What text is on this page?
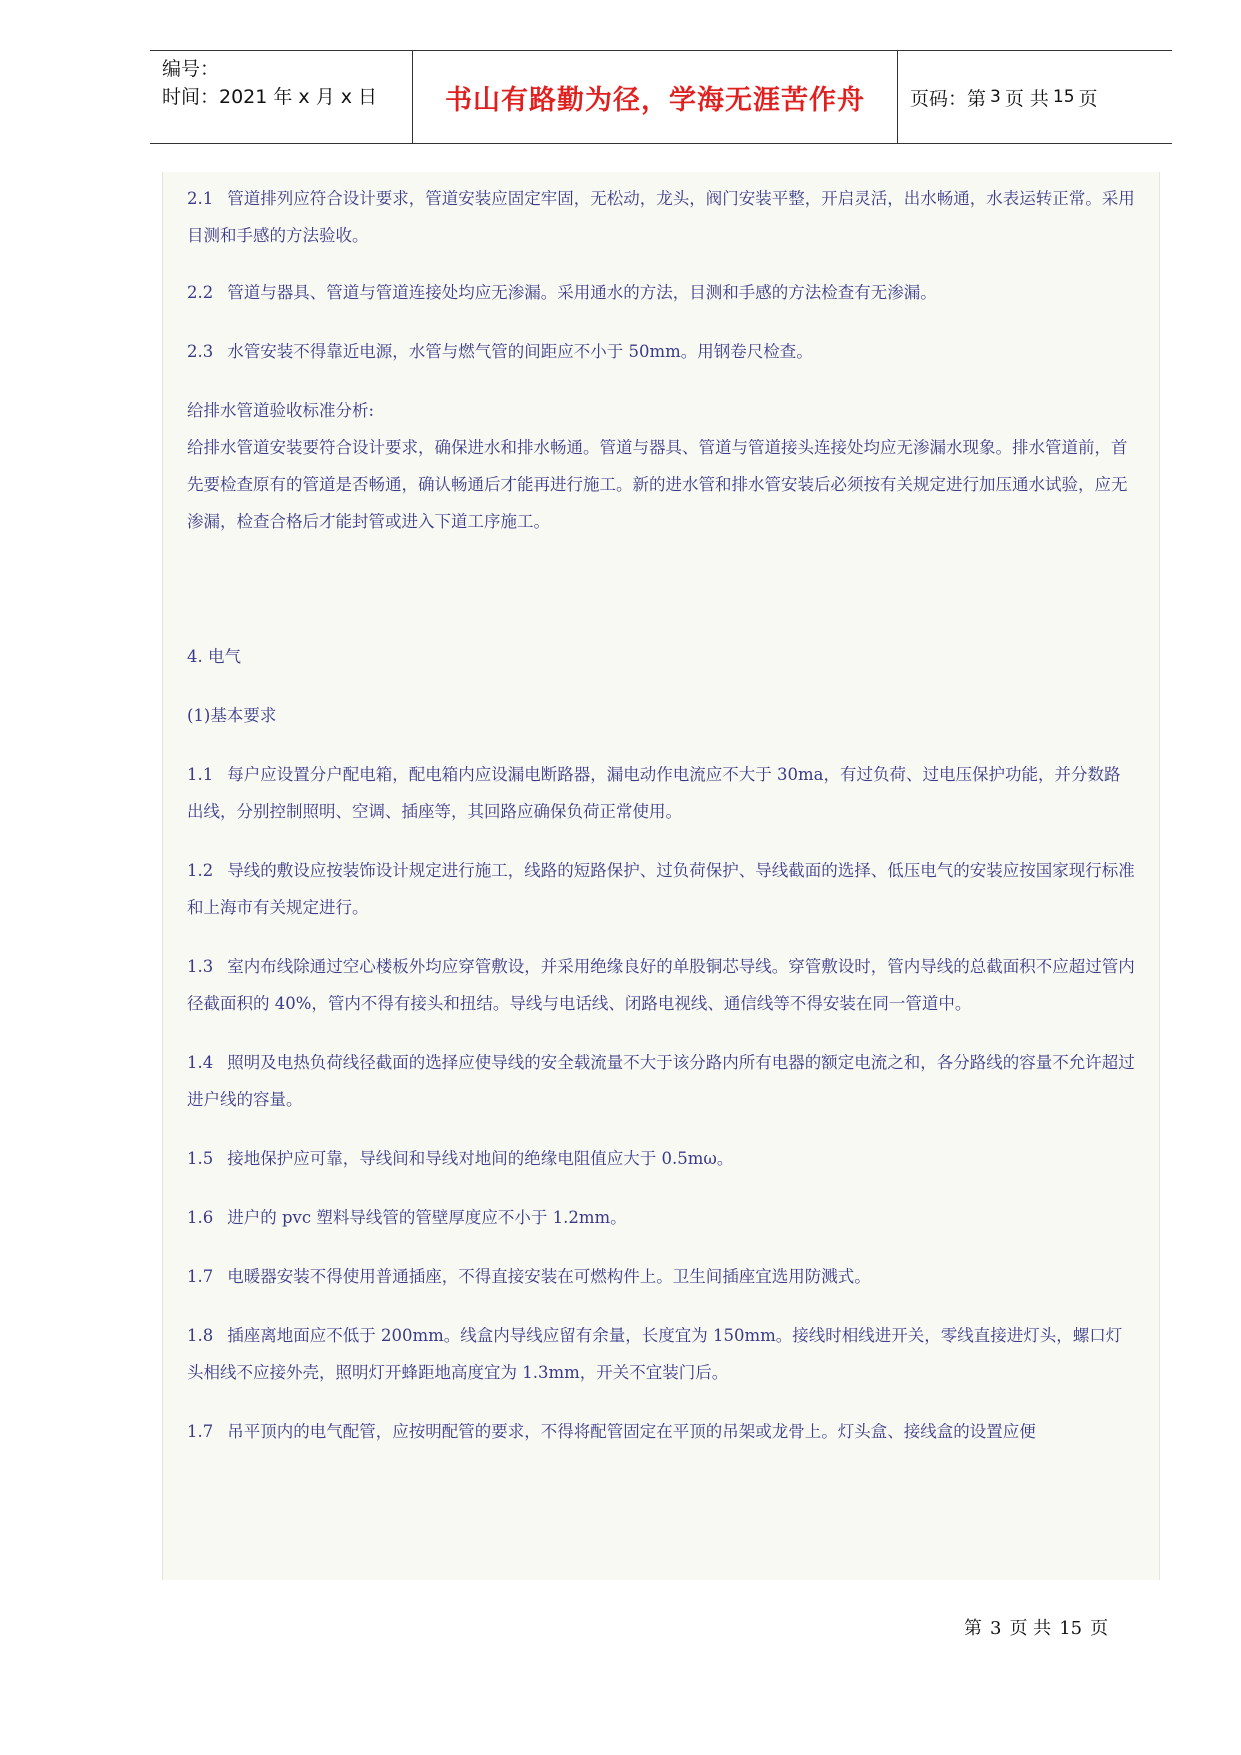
编号：
时间：2021 年 x 月 x 日	书山有路勤为径，学海无涯苦作舟 页码：第 3 页 共 15 页

2.1 管道排列应符合设计要求，管道安装应固定牢固，无松动，龙头，阀门安装平整，开启灵活，出水畅通，水表运转正常。采用目测和手感的方法验收。

2.2 管道与器具、管道与管道连接处均应无渗漏。采用通水的方法，目测和手感的方法检查有无渗漏。

2.3 水管安装不得靠近电源，水管与燃气管的间距应不小于 50mm。用钢卷尺检查。

给排水管道验收标准分析:

给排水管道安装要符合设计要求，确保进水和排水畅通。管道与器具、管道与管道接头连接处均应无渗漏水现象。排水管道前，首先要检查原有的管道是否畅通，确认畅通后才能再进行施工。新的进水管和排水管安装后必须按有关规定进行加压通水试验，应无渗漏，检查合格后才能封管或进入下道工序施工。

4. 电气

(1)基本要求

1.1 每户应设置分户配电箱，配电箱内应设漏电断路器，漏电动作电流应不大于 30ma，有过负荷、过电压保护功能，并分数路出线，分别控制照明、空调、插座等，其回路应确保负荷正常使用。

1.2 导线的敷设应按装饰设计规定进行施工，线路的短路保护、过负荷保护、导线截面的选择、低压电气的安装应按国家现行标准和上海市有关规定进行。

1.3 室内布线除通过空心楼板外均应穿管敷设，并采用绝缘良好的单股铜芯导线。穿管敷设时，管内导线的总截面积不应超过管内径截面积的 40%，管内不得有接头和扭结。导线与电话线、闭路电视线、通信线等不得安装在同一管道中。

1.4 照明及电热负荷线径截面的选择应使导线的安全载流量不大于该分路内所有电器的额定电流之和，各分路线的容量不允许超过进户线的容量。

1.5 接地保护应可靠，导线间和导线对地间的绝缘电阻值应大于 0.5mω。

1.6 进户的 pvc 塑料导线管的管壁厚度应不小于 1.2mm。

1.7 电暖器安装不得使用普通插座，不得直接安装在可燃构件上。卫生间插座宜选用防溅式。

1.8 插座离地面应不低于 200mm。线盒内导线应留有余量，长度宜为 150mm。接线时相线进开关，零线直接进灯头，螺口灯头相线不应接外壳，照明灯开蜂距地高度宜为 1.3mm，开关不宜装门后。

1.7 吊平顶内的电气配管，应按明配管的要求，不得将配管固定在平顶的吊架或龙骨上。灯头盒、接线盒的设置应便

第 3 页 共 15 页
